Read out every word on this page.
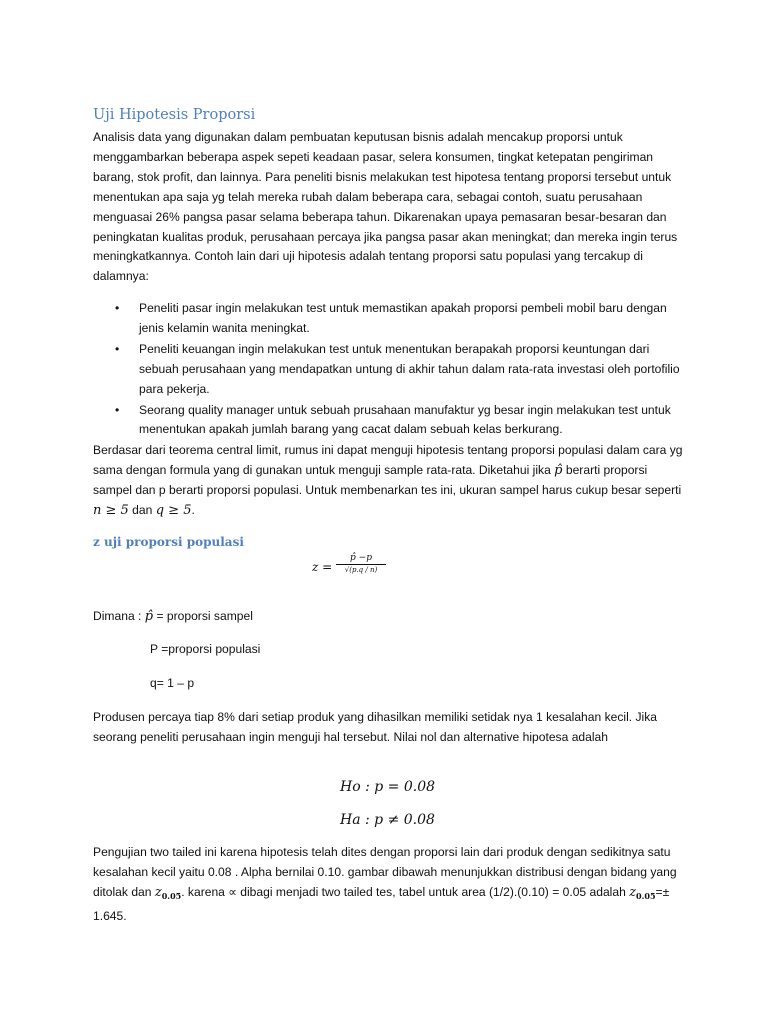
Uji Hipotesis Proporsi

Analisis data yang digunakan dalam pembuatan keputusan bisnis adalah mencakup proporsi untuk menggambarkan beberapa aspek sepeti keadaan pasar, selera konsumen, tingkat ketepatan pengiriman barang, stok profit, dan lainnya. Para peneliti bisnis melakukan test hipotesa tentang proporsi tersebut untuk menentukan apa saja yg telah mereka rubah dalam beberapa cara, sebagai contoh, suatu perusahaan menguasai 26% pangsa pasar selama beberapa tahun. Dikarenakan upaya pemasaran besar-besaran dan peningkatan kualitas produk, perusahaan percaya jika pangsa pasar akan meningkat; dan mereka ingin terus meningkatkannya. Contoh lain dari uji hipotesis adalah tentang proporsi satu populasi yang tercakup di dalamnya:

• Peneliti pasar ingin melakukan test untuk memastikan apakah proporsi pembeli mobil baru dengan jenis kelamin wanita meningkat.
• Peneliti keuangan ingin melakukan test untuk menentukan berapakah proporsi keuntungan dari sebuah perusahaan yang mendapatkan untung di akhir tahun dalam rata-rata investasi oleh portofilio para pekerja.
• Seorang quality manager untuk sebuah prusahaan manufaktur yg besar ingin melakukan test untuk menentukan apakah jumlah barang yang cacat dalam sebuah kelas berkurang.

Berdasar dari teorema central limit, rumus ini dapat menguji hipotesis tentang proporsi populasi dalam cara yg sama dengan formula yang di gunakan untuk menguji sample rata-rata. Diketahui jika p̂ berarti proporsi sampel dan p berarti proporsi populasi. Untuk membenarkan tes ini, ukuran sampel harus cukup besar seperti n ≥ 5 dan q ≥ 5.

z uji proporsi populasi
z =
p̂ −p
√(p.q / n)
Dimana : p̂ = proporsi sampel
P =proporsi populasi
q= 1 – p

Produsen percaya tiap 8% dari setiap produk yang dihasilkan memiliki setidak nya 1 kesalahan kecil. Jika seorang peneliti perusahaan ingin menguji hal tersebut. Nilai nol dan alternative hipotesa adalah

Ho : p = 0.08
Ha : p ≠ 0.08

Pengujian two tailed ini karena hipotesis telah dites dengan proporsi lain dari produk dengan sedikitnya satu kesalahan kecil yaitu 0.08 . Alpha bernilai 0.10. gambar dibawah menunjukkan distribusi dengan bidang yang ditolak dan $z_{0.05}$. karena ∝ dibagi menjadi two tailed tes, tabel untuk area (1/2).(0.10) = 0.05 adalah $z_{0.05}=\pm 1.645$.
